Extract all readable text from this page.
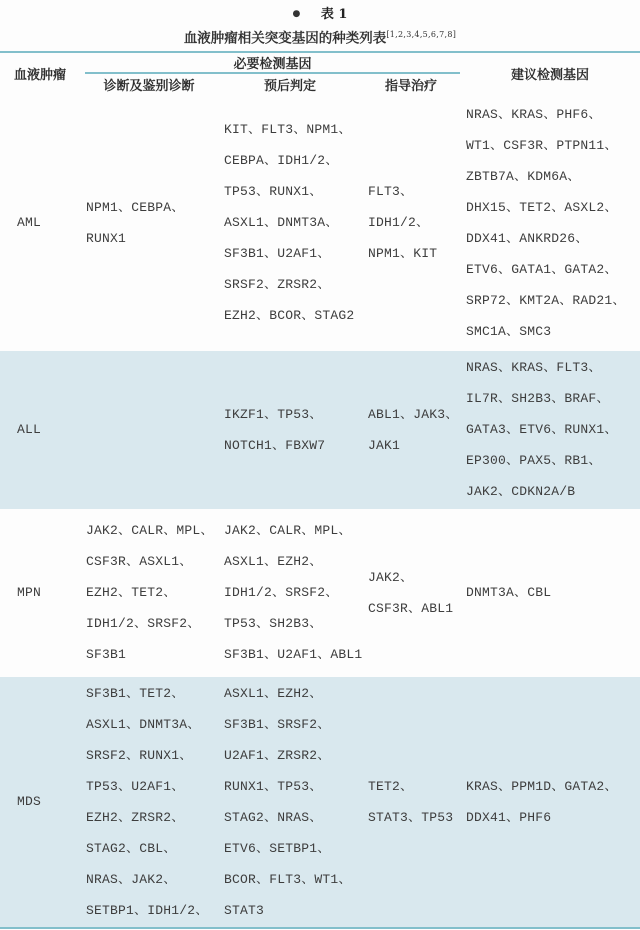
● 表 1
血液肿瘤相关突变基因的种类列表[1,2,3,4,5,6,7,8]
血液肿瘤
必要检测基因
建议检测基因
诊断及鉴别诊断	预后判定	指导治疗
AML
NPM1、CEBPA、
RUNX1
KIT、FLT3、NPM1、
CEBPA、IDH1/2、
TP53、RUNX1、
ASXL1、DNMT3A、
SF3B1、U2AF1、
SRSF2、ZRSR2、
EZH2、BCOR、STAG2
FLT3、
IDH1/2、
NPM1、KIT
NRAS、KRAS、PHF6、
WT1、CSF3R、PTPN11、
ZBTB7A、KDM6A、
DHX15、TET2、ASXL2、
DDX41、ANKRD26、
ETV6、GATA1、GATA2、
SRP72、KMT2A、RAD21、
SMC1A、SMC3
ALL
IKZF1、TP53、
NOTCH1、FBXW7
ABL1、JAK3、
JAK1
NRAS、KRAS、FLT3、
IL7R、SH2B3、BRAF、
GATA3、ETV6、RUNX1、
EP300、PAX5、RB1、
JAK2、CDKN2A/B
MPN
JAK2、CALR、MPL、
CSF3R、ASXL1、
EZH2、TET2、
IDH1/2、SRSF2、
SF3B1
JAK2、CALR、MPL、
ASXL1、EZH2、
IDH1/2、SRSF2、
TP53、SH2B3、
SF3B1、U2AF1、ABL1
JAK2、
CSF3R、ABL1
DNMT3A、CBL
MDS
SF3B1、TET2、
ASXL1、DNMT3A、
SRSF2、RUNX1、
TP53、U2AF1、
EZH2、ZRSR2、
STAG2、CBL、
NRAS、JAK2、
SETBP1、IDH1/2、
ASXL1、EZH2、
SF3B1、SRSF2、
U2AF1、ZRSR2、
RUNX1、TP53、
STAG2、NRAS、
ETV6、SETBP1、
BCOR、FLT3、WT1、
STAT3
TET2、
STAT3、TP53
KRAS、PPM1D、GATA2、
DDX41、PHF6
